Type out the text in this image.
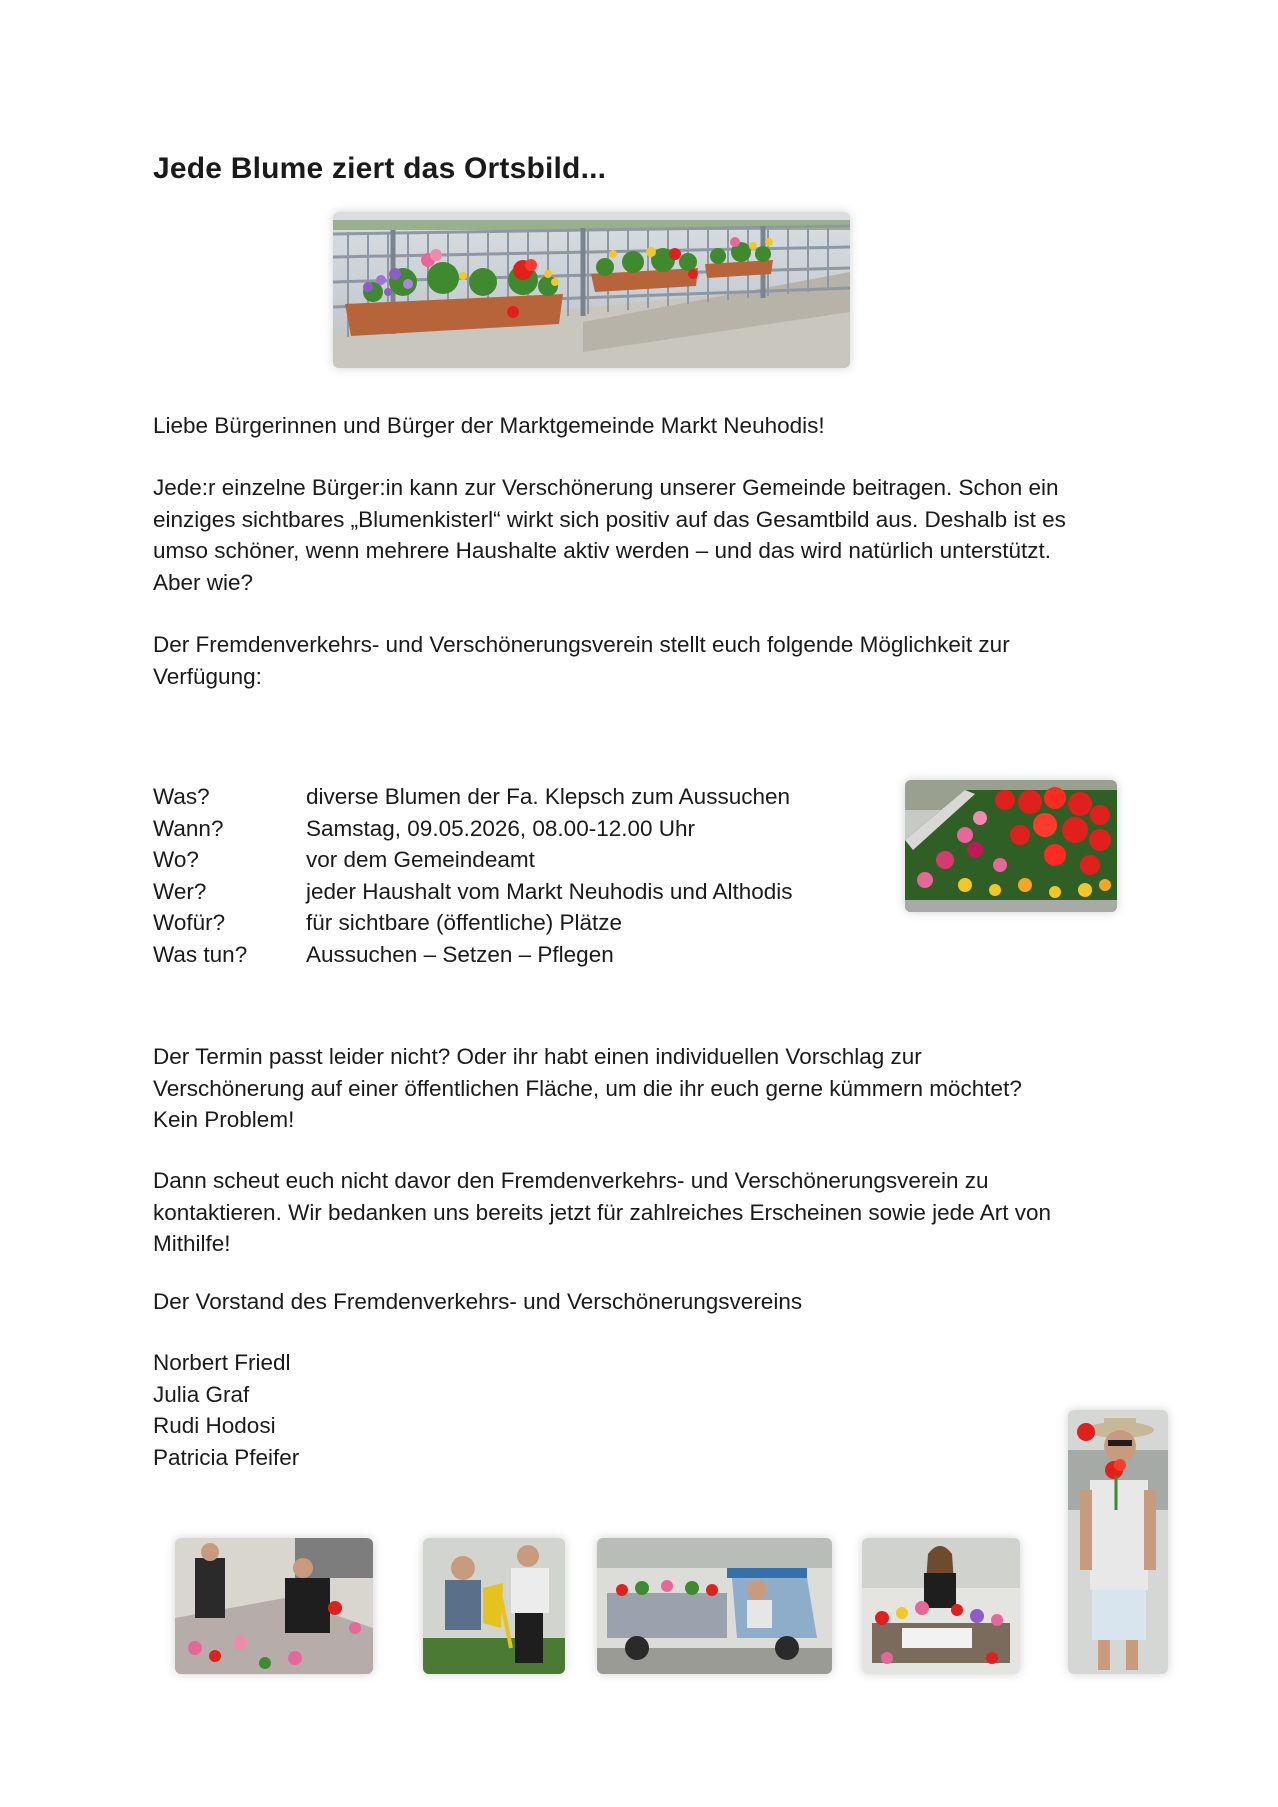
Jede Blume ziert das Ortsbild...

Liebe Bürgerinnen und Bürger der Marktgemeinde Markt Neuhodis!

Jede:r einzelne Bürger:in kann zur Verschönerung unserer Gemeinde beitragen. Schon ein
einziges sichtbares „Blumenkisterl“ wirkt sich positiv auf das Gesamtbild aus. Deshalb ist es
umso schöner, wenn mehrere Haushalte aktiv werden – und das wird natürlich unterstützt.
Aber wie?

Der Fremdenverkehrs- und Verschönerungsverein stellt euch folgende Möglichkeit zur
Verfügung:

Was?	diverse Blumen der Fa. Klepsch zum Aussuchen
Wann?	Samstag, 09.05.2026, 08.00-12.00 Uhr
Wo?	vor dem Gemeindeamt
Wer?	jeder Haushalt vom Markt Neuhodis und Althodis
Wofür?	für sichtbare (öffentliche) Plätze
Was tun?	Aussuchen – Setzen – Pflegen

Der Termin passt leider nicht? Oder ihr habt einen individuellen Vorschlag zur
Verschönerung auf einer öffentlichen Fläche, um die ihr euch gerne kümmern möchtet?
Kein Problem!

Dann scheut euch nicht davor den Fremdenverkehrs- und Verschönerungsverein zu
kontaktieren. Wir bedanken uns bereits jetzt für zahlreiches Erscheinen sowie jede Art von
Mithilfe!

Der Vorstand des Fremdenverkehrs- und Verschönerungsvereins

Norbert Friedl
Julia Graf
Rudi Hodosi
Patricia Pfeifer
